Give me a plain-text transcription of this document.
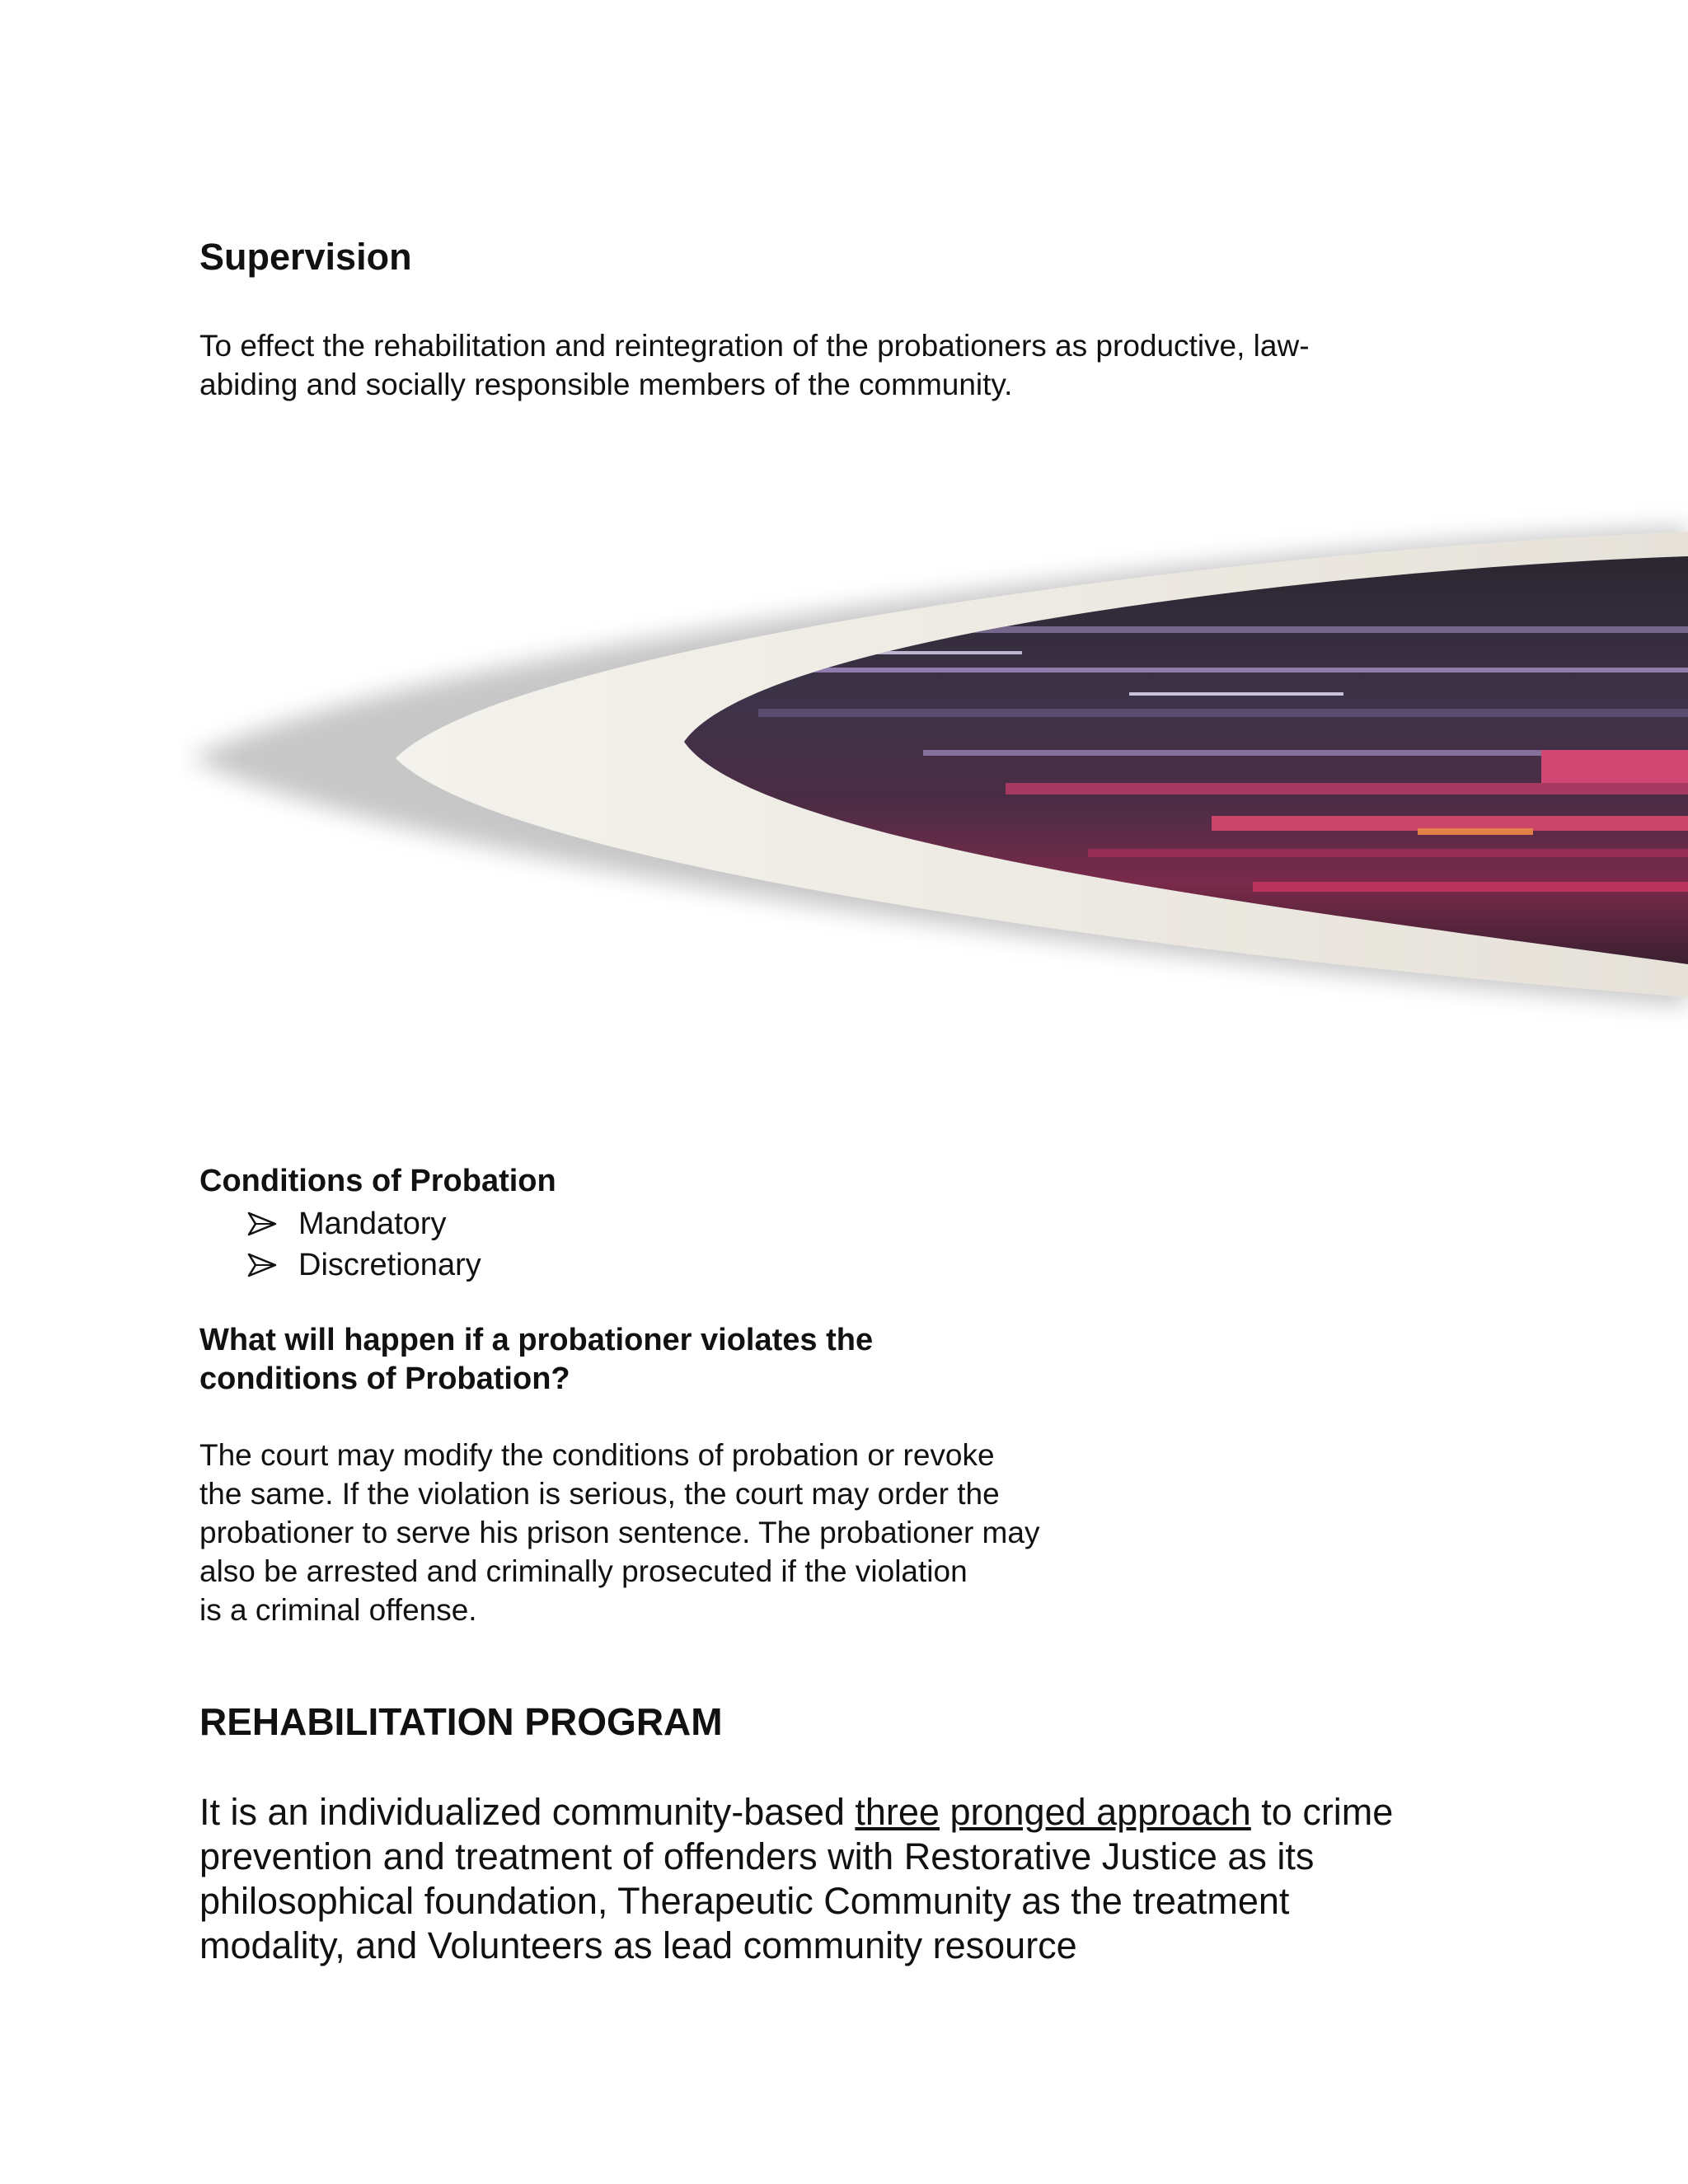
Supervision

To effect the rehabilitation and reintegration of the probationers as productive, law-
abiding and socially responsible members of the community.

Conditions of Probation
Mandatory
Discretionary
What will happen if a probationer violates the
conditions of Probation?

The court may modify the conditions of probation or revoke
the same. If the violation is serious, the court may order the
probationer to serve his prison sentence. The probationer may
also be arrested and criminally prosecuted if the violation
is a criminal offense.

REHABILITATION PROGRAM

It is an individualized community-based three pronged approach to crime
prevention and treatment of offenders with Restorative Justice as its
philosophical foundation, Therapeutic Community as the treatment
modality, and Volunteers as lead community resource
